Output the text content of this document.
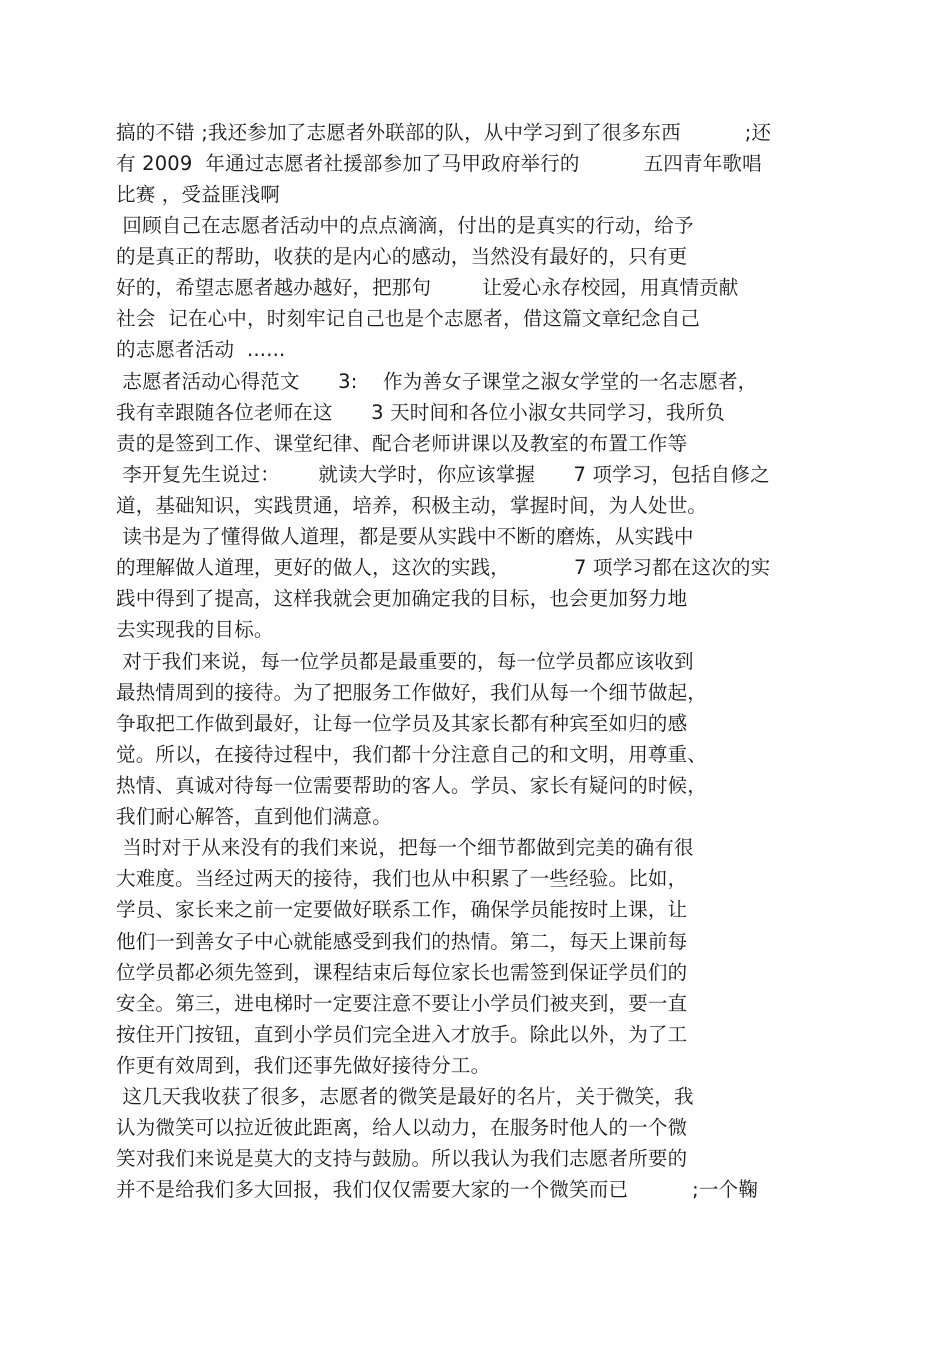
搞的不错 ;我还参加了志愿者外联部的队，从中学习到了很多东西          ;还
有 2009  年通过志愿者社援部参加了马甲政府举行的          五四青年歌唱
比赛 ，受益匪浅啊
回顾自己在志愿者活动中的点点滴滴，付出的是真实的行动，给予
的是真正的帮助，收获的是内心的感动，当然没有最好的，只有更
好的，希望志愿者越办越好，把那句        让爱心永存校园，用真情贡献
社会  记在心中，时刻牢记自己也是个志愿者，借这篇文章纪念自己
的志愿者活动  ......
志愿者活动心得范文      3:    作为善女子课堂之淑女学堂的一名志愿者，
我有幸跟随各位老师在这      3 天时间和各位小淑女共同学习，我所负
责的是签到工作、课堂纪律、配合老师讲课以及教室的布置工作等
李开复先生说过：      就读大学时，你应该掌握      7 项学习，包括自修之
道，基础知识，实践贯通，培养，积极主动，掌握时间，为人处世。
读书是为了懂得做人道理，都是要从实践中不断的磨炼，从实践中
的理解做人道理，更好的做人，这次的实践，          7 项学习都在这次的实
践中得到了提高，这样我就会更加确定我的目标，也会更加努力地
去实现我的目标。
对于我们来说，每一位学员都是最重要的，每一位学员都应该收到
最热情周到的接待。为了把服务工作做好，我们从每一个细节做起，
争取把工作做到最好，让每一位学员及其家长都有种宾至如归的感
觉。所以，在接待过程中，我们都十分注意自己的和文明，用尊重、
热情、真诚对待每一位需要帮助的客人。学员、家长有疑问的时候，
我们耐心解答，直到他们满意。
当时对于从来没有的我们来说，把每一个细节都做到完美的确有很
大难度。当经过两天的接待，我们也从中积累了一些经验。比如，
学员、家长来之前一定要做好联系工作，确保学员能按时上课，让
他们一到善女子中心就能感受到我们的热情。第二，每天上课前每
位学员都必须先签到，课程结束后每位家长也需签到保证学员们的
安全。第三，进电梯时一定要注意不要让小学员们被夹到，要一直
按住开门按钮，直到小学员们完全进入才放手。除此以外，为了工
作更有效周到，我们还事先做好接待分工。
这几天我收获了很多，志愿者的微笑是最好的名片，关于微笑，我
认为微笑可以拉近彼此距离，给人以动力，在服务时他人的一个微
笑对我们来说是莫大的支持与鼓励。所以我认为我们志愿者所要的
并不是给我们多大回报，我们仅仅需要大家的一个微笑而已          ;一个鞠
